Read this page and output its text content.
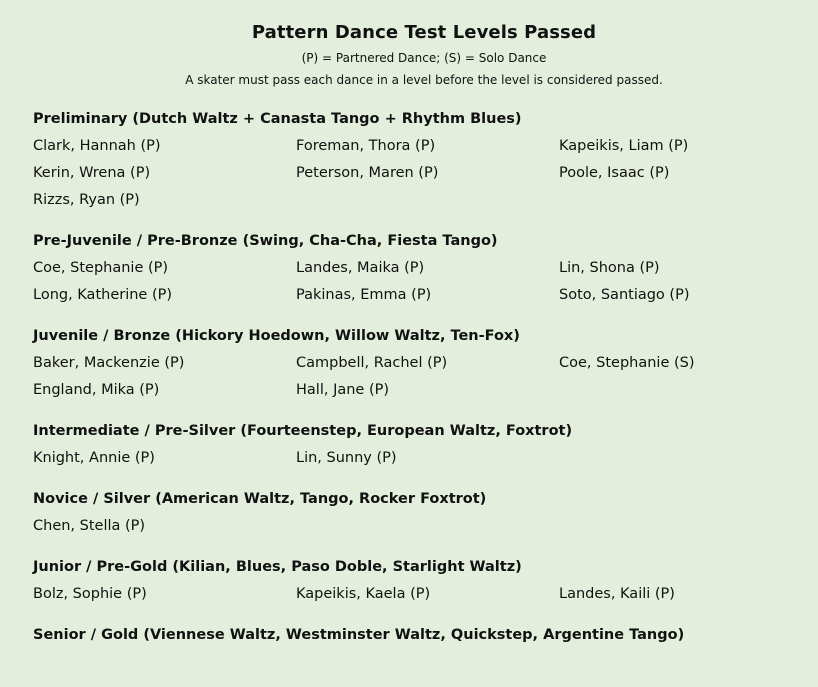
Pattern Dance Test Levels Passed
(P) = Partnered Dance; (S) = Solo Dance
A skater must pass each dance in a level before the level is considered passed.
Preliminary (Dutch Waltz + Canasta Tango + Rhythm Blues)
Clark, Hannah (P)	Foreman, Thora (P)	Kapeikis, Liam (P)
Kerin, Wrena (P)	Peterson, Maren (P)	Poole, Isaac (P)
Rizzs, Ryan (P)
Pre-Juvenile / Pre-Bronze (Swing, Cha-Cha, Fiesta Tango)
Coe, Stephanie (P)	Landes, Maika (P)	Lin, Shona (P)
Long, Katherine (P)	Pakinas, Emma (P)	Soto, Santiago (P)
Juvenile / Bronze (Hickory Hoedown, Willow Waltz, Ten-Fox)
Baker, Mackenzie (P)	Campbell, Rachel (P)	Coe, Stephanie (S)
England, Mika (P)	Hall, Jane (P)
Intermediate / Pre-Silver (Fourteenstep, European Waltz, Foxtrot)
Knight, Annie (P)	Lin, Sunny (P)
Novice / Silver (American Waltz, Tango, Rocker Foxtrot)
Chen, Stella (P)
Junior / Pre-Gold (Kilian, Blues, Paso Doble, Starlight Waltz)
Bolz, Sophie (P)	Kapeikis, Kaela (P)	Landes, Kaili (P)
Senior / Gold (Viennese Waltz, Westminster Waltz, Quickstep, Argentine Tango)
